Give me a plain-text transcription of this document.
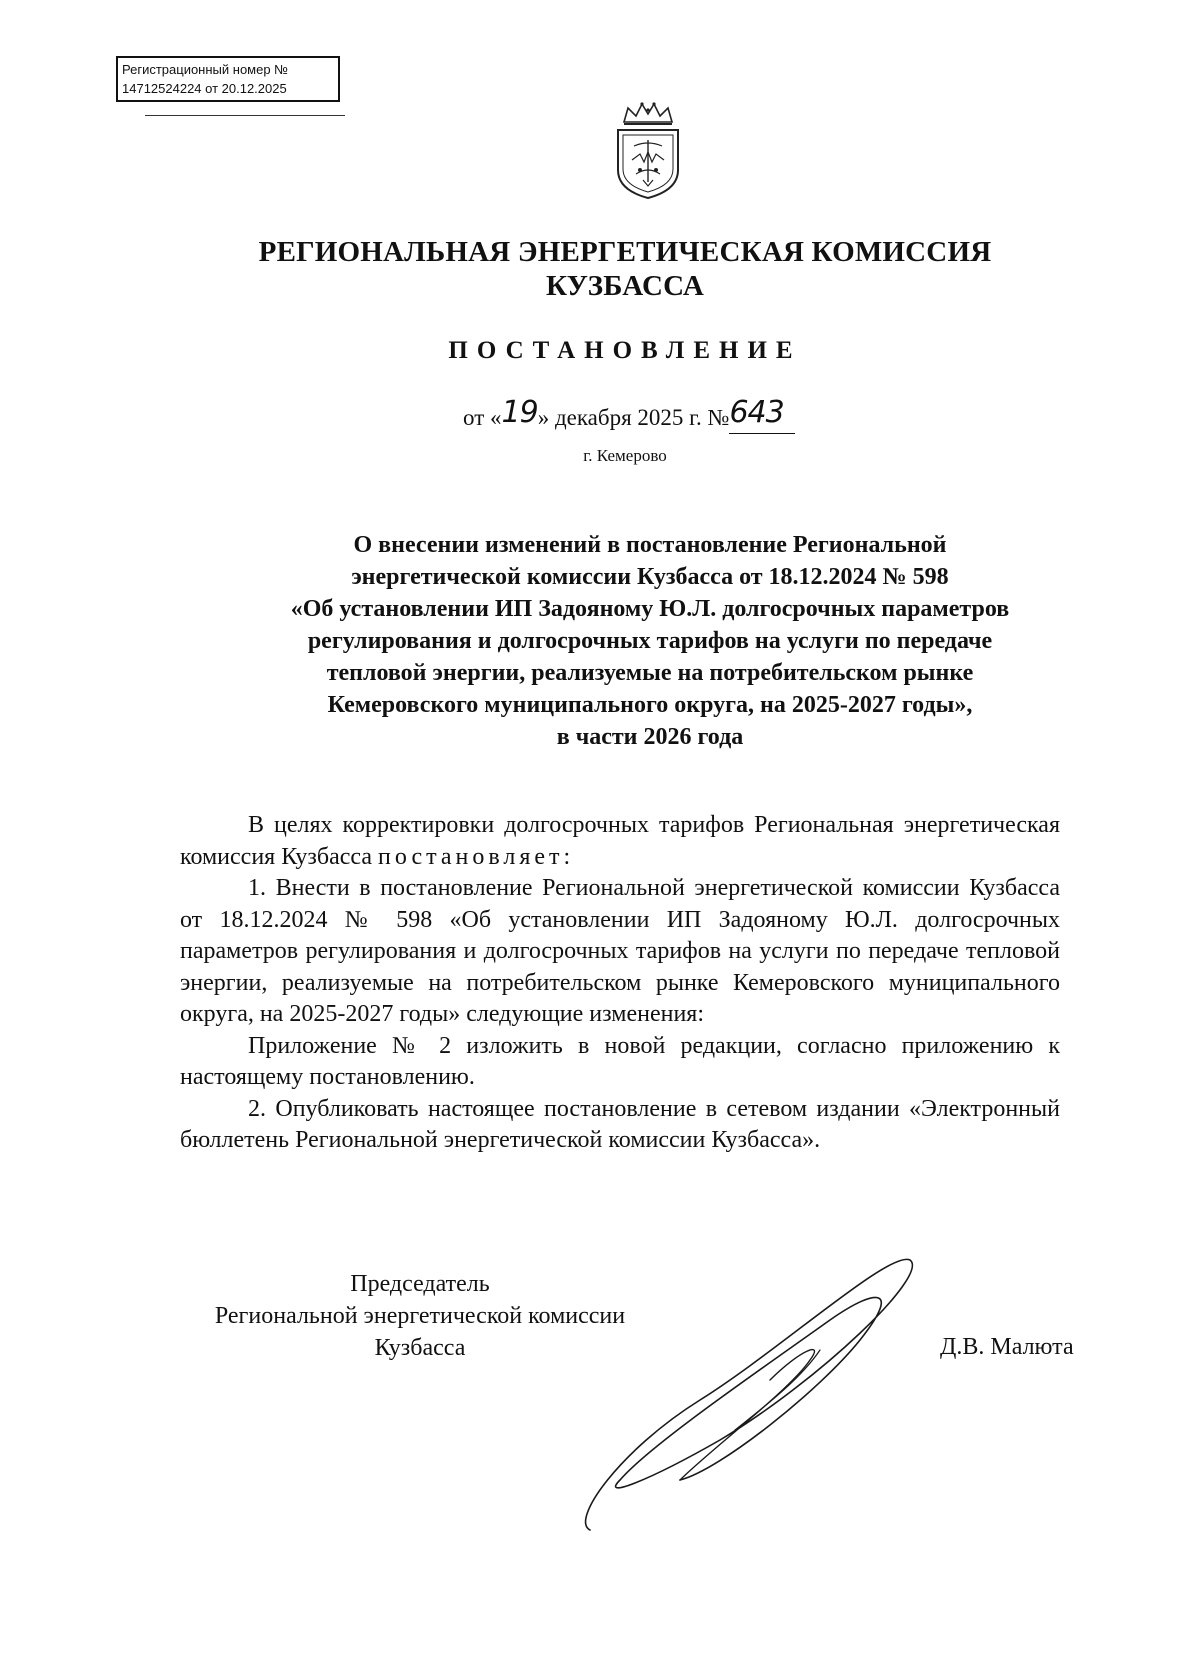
Регистрационный номер №
14712524224 от 20.12.2025
РЕГИОНАЛЬНАЯ ЭНЕРГЕТИЧЕСКАЯ КОМИССИЯ
КУЗБАССА
ПОСТАНОВЛЕНИЕ
от «19» декабря 2025 г. №643
г. Кемерово
О внесении изменений в постановление Региональной
энергетической комиссии Кузбасса от 18.12.2024 № 598
«Об установлении ИП Задояному Ю.Л. долгосрочных параметров
регулирования и долгосрочных тарифов на услуги по передаче
тепловой энергии, реализуемые на потребительском рынке
Кемеровского муниципального округа, на 2025-2027 годы»,
в части 2026 года

В целях корректировки долгосрочных тарифов Региональная энергетическая комиссия Кузбасса постановляет:

1. Внести в постановление Региональной энергетической комиссии Кузбасса от 18.12.2024 № 598 «Об установлении ИП Задояному Ю.Л. долгосрочных параметров регулирования и долгосрочных тарифов на услуги по передаче тепловой энергии, реализуемые на потребительском рынке Кемеровского муниципального округа, на 2025-2027 годы» следующие изменения:

Приложение № 2 изложить в новой редакции, согласно приложению к настоящему постановлению.

2. Опубликовать настоящее постановление в сетевом издании «Электронный бюллетень Региональной энергетической комиссии Кузбасса».

Председатель
Региональной энергетической комиссии
Кузбасса	Д.В. Малюта
